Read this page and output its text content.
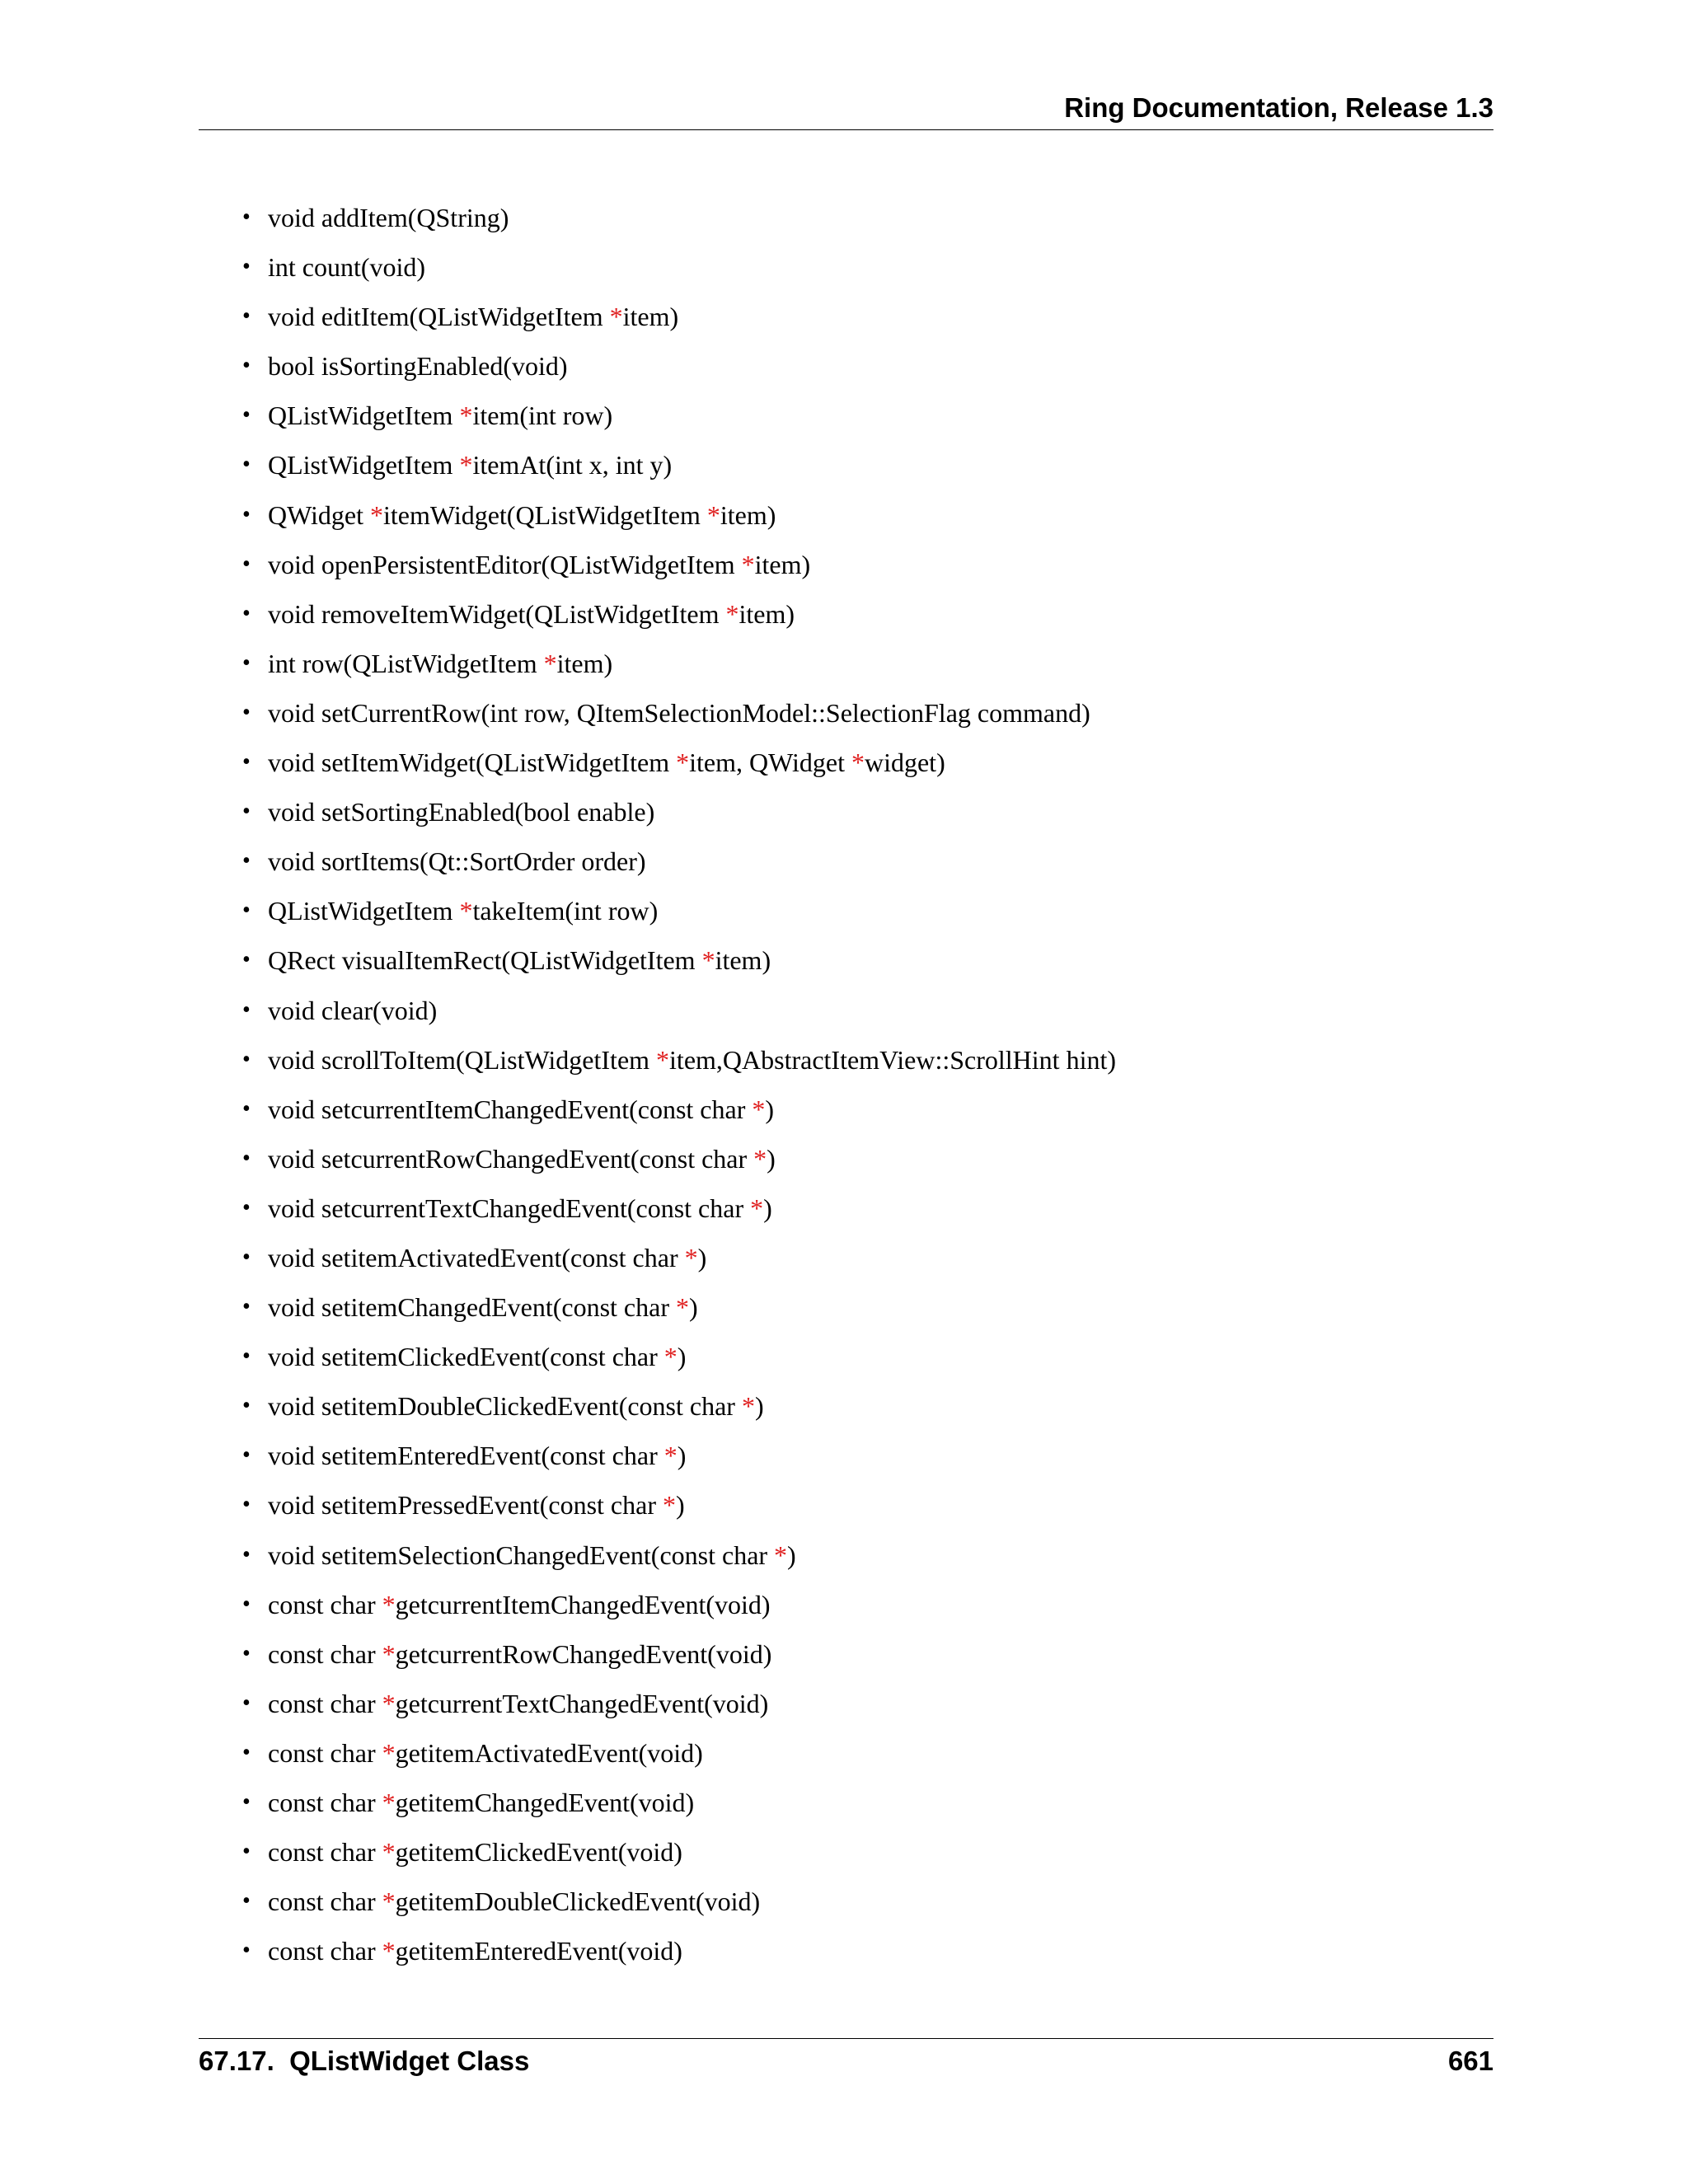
Ring Documentation, Release 1.3
• void addItem(QString)
• int count(void)
• void editItem(QListWidgetItem *item)
• bool isSortingEnabled(void)
• QListWidgetItem *item(int row)
• QListWidgetItem *itemAt(int x, int y)
• QWidget *itemWidget(QListWidgetItem *item)
• void openPersistentEditor(QListWidgetItem *item)
• void removeItemWidget(QListWidgetItem *item)
• int row(QListWidgetItem *item)
• void setCurrentRow(int row, QItemSelectionModel::SelectionFlag command)
• void setItemWidget(QListWidgetItem *item, QWidget *widget)
• void setSortingEnabled(bool enable)
• void sortItems(Qt::SortOrder order)
• QListWidgetItem *takeItem(int row)
• QRect visualItemRect(QListWidgetItem *item)
• void clear(void)
• void scrollToItem(QListWidgetItem *item,QAbstractItemView::ScrollHint hint)
• void setcurrentItemChangedEvent(const char *)
• void setcurrentRowChangedEvent(const char *)
• void setcurrentTextChangedEvent(const char *)
• void setitemActivatedEvent(const char *)
• void setitemChangedEvent(const char *)
• void setitemClickedEvent(const char *)
• void setitemDoubleClickedEvent(const char *)
• void setitemEnteredEvent(const char *)
• void setitemPressedEvent(const char *)
• void setitemSelectionChangedEvent(const char *)
• const char *getcurrentItemChangedEvent(void)
• const char *getcurrentRowChangedEvent(void)
• const char *getcurrentTextChangedEvent(void)
• const char *getitemActivatedEvent(void)
• const char *getitemChangedEvent(void)
• const char *getitemClickedEvent(void)
• const char *getitemDoubleClickedEvent(void)
• const char *getitemEnteredEvent(void)
67.17.  QListWidget Class	661
